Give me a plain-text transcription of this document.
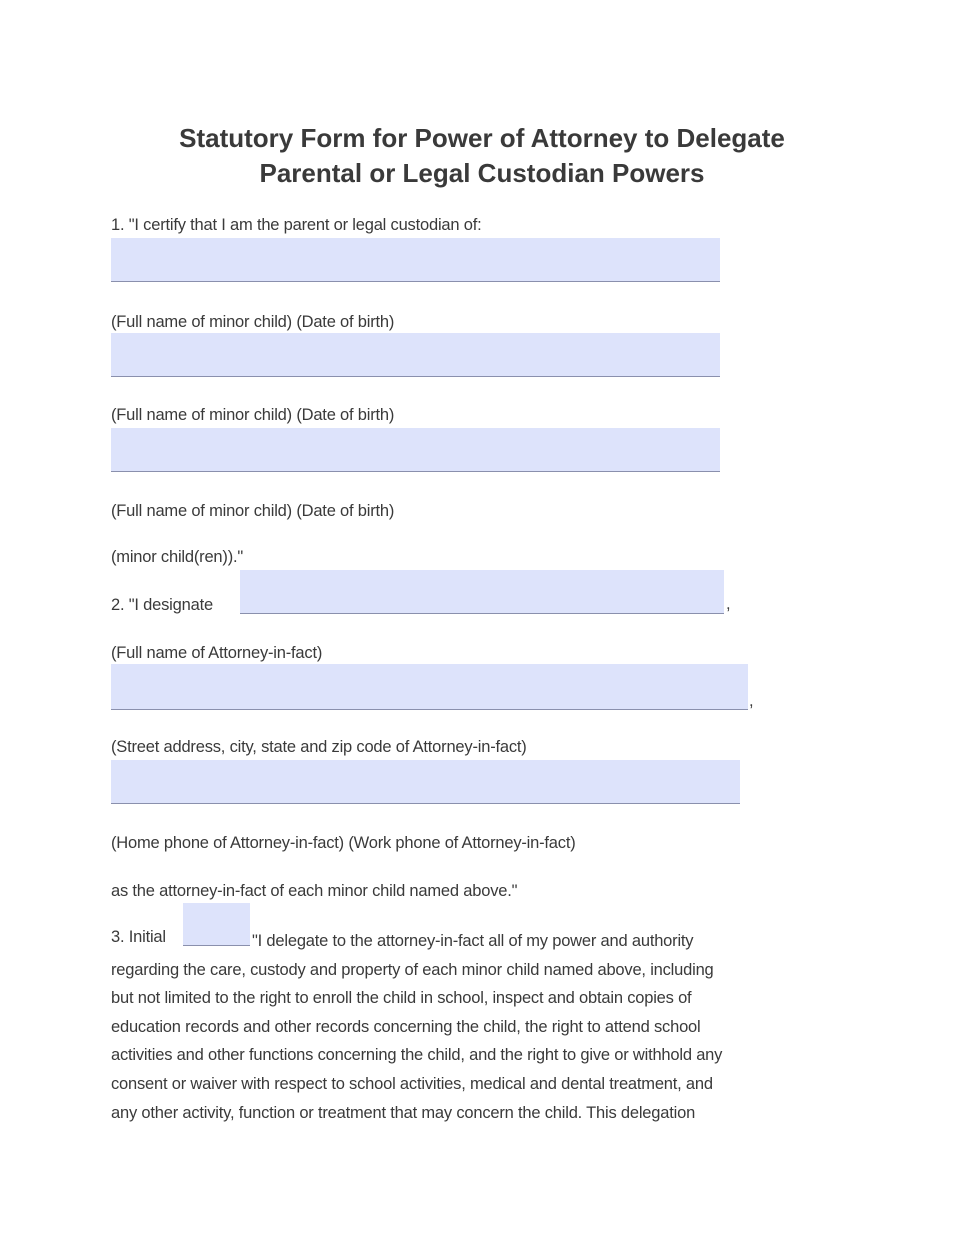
Statutory Form for Power of Attorney to Delegate
Parental or Legal Custodian Powers
1. "I certify that I am the parent or legal custodian of:
(Full name of minor child) (Date of birth)
(Full name of minor child) (Date of birth)
(Full name of minor child) (Date of birth)
(minor child(ren))."
2. "I designate	,
(Full name of Attorney-in-fact)
,
(Street address, city, state and zip code of Attorney-in-fact)
(Home phone of Attorney-in-fact) (Work phone of Attorney-in-fact)
as the attorney-in-fact of each minor child named above."
3. Initial	"I delegate to the attorney-in-fact all of my power and authority
regarding the care, custody and property of each minor child named above, including
but not limited to the right to enroll the child in school, inspect and obtain copies of
education records and other records concerning the child, the right to attend school
activities and other functions concerning the child, and the right to give or withhold any
consent or waiver with respect to school activities, medical and dental treatment, and
any other activity, function or treatment that may concern the child. This delegation
